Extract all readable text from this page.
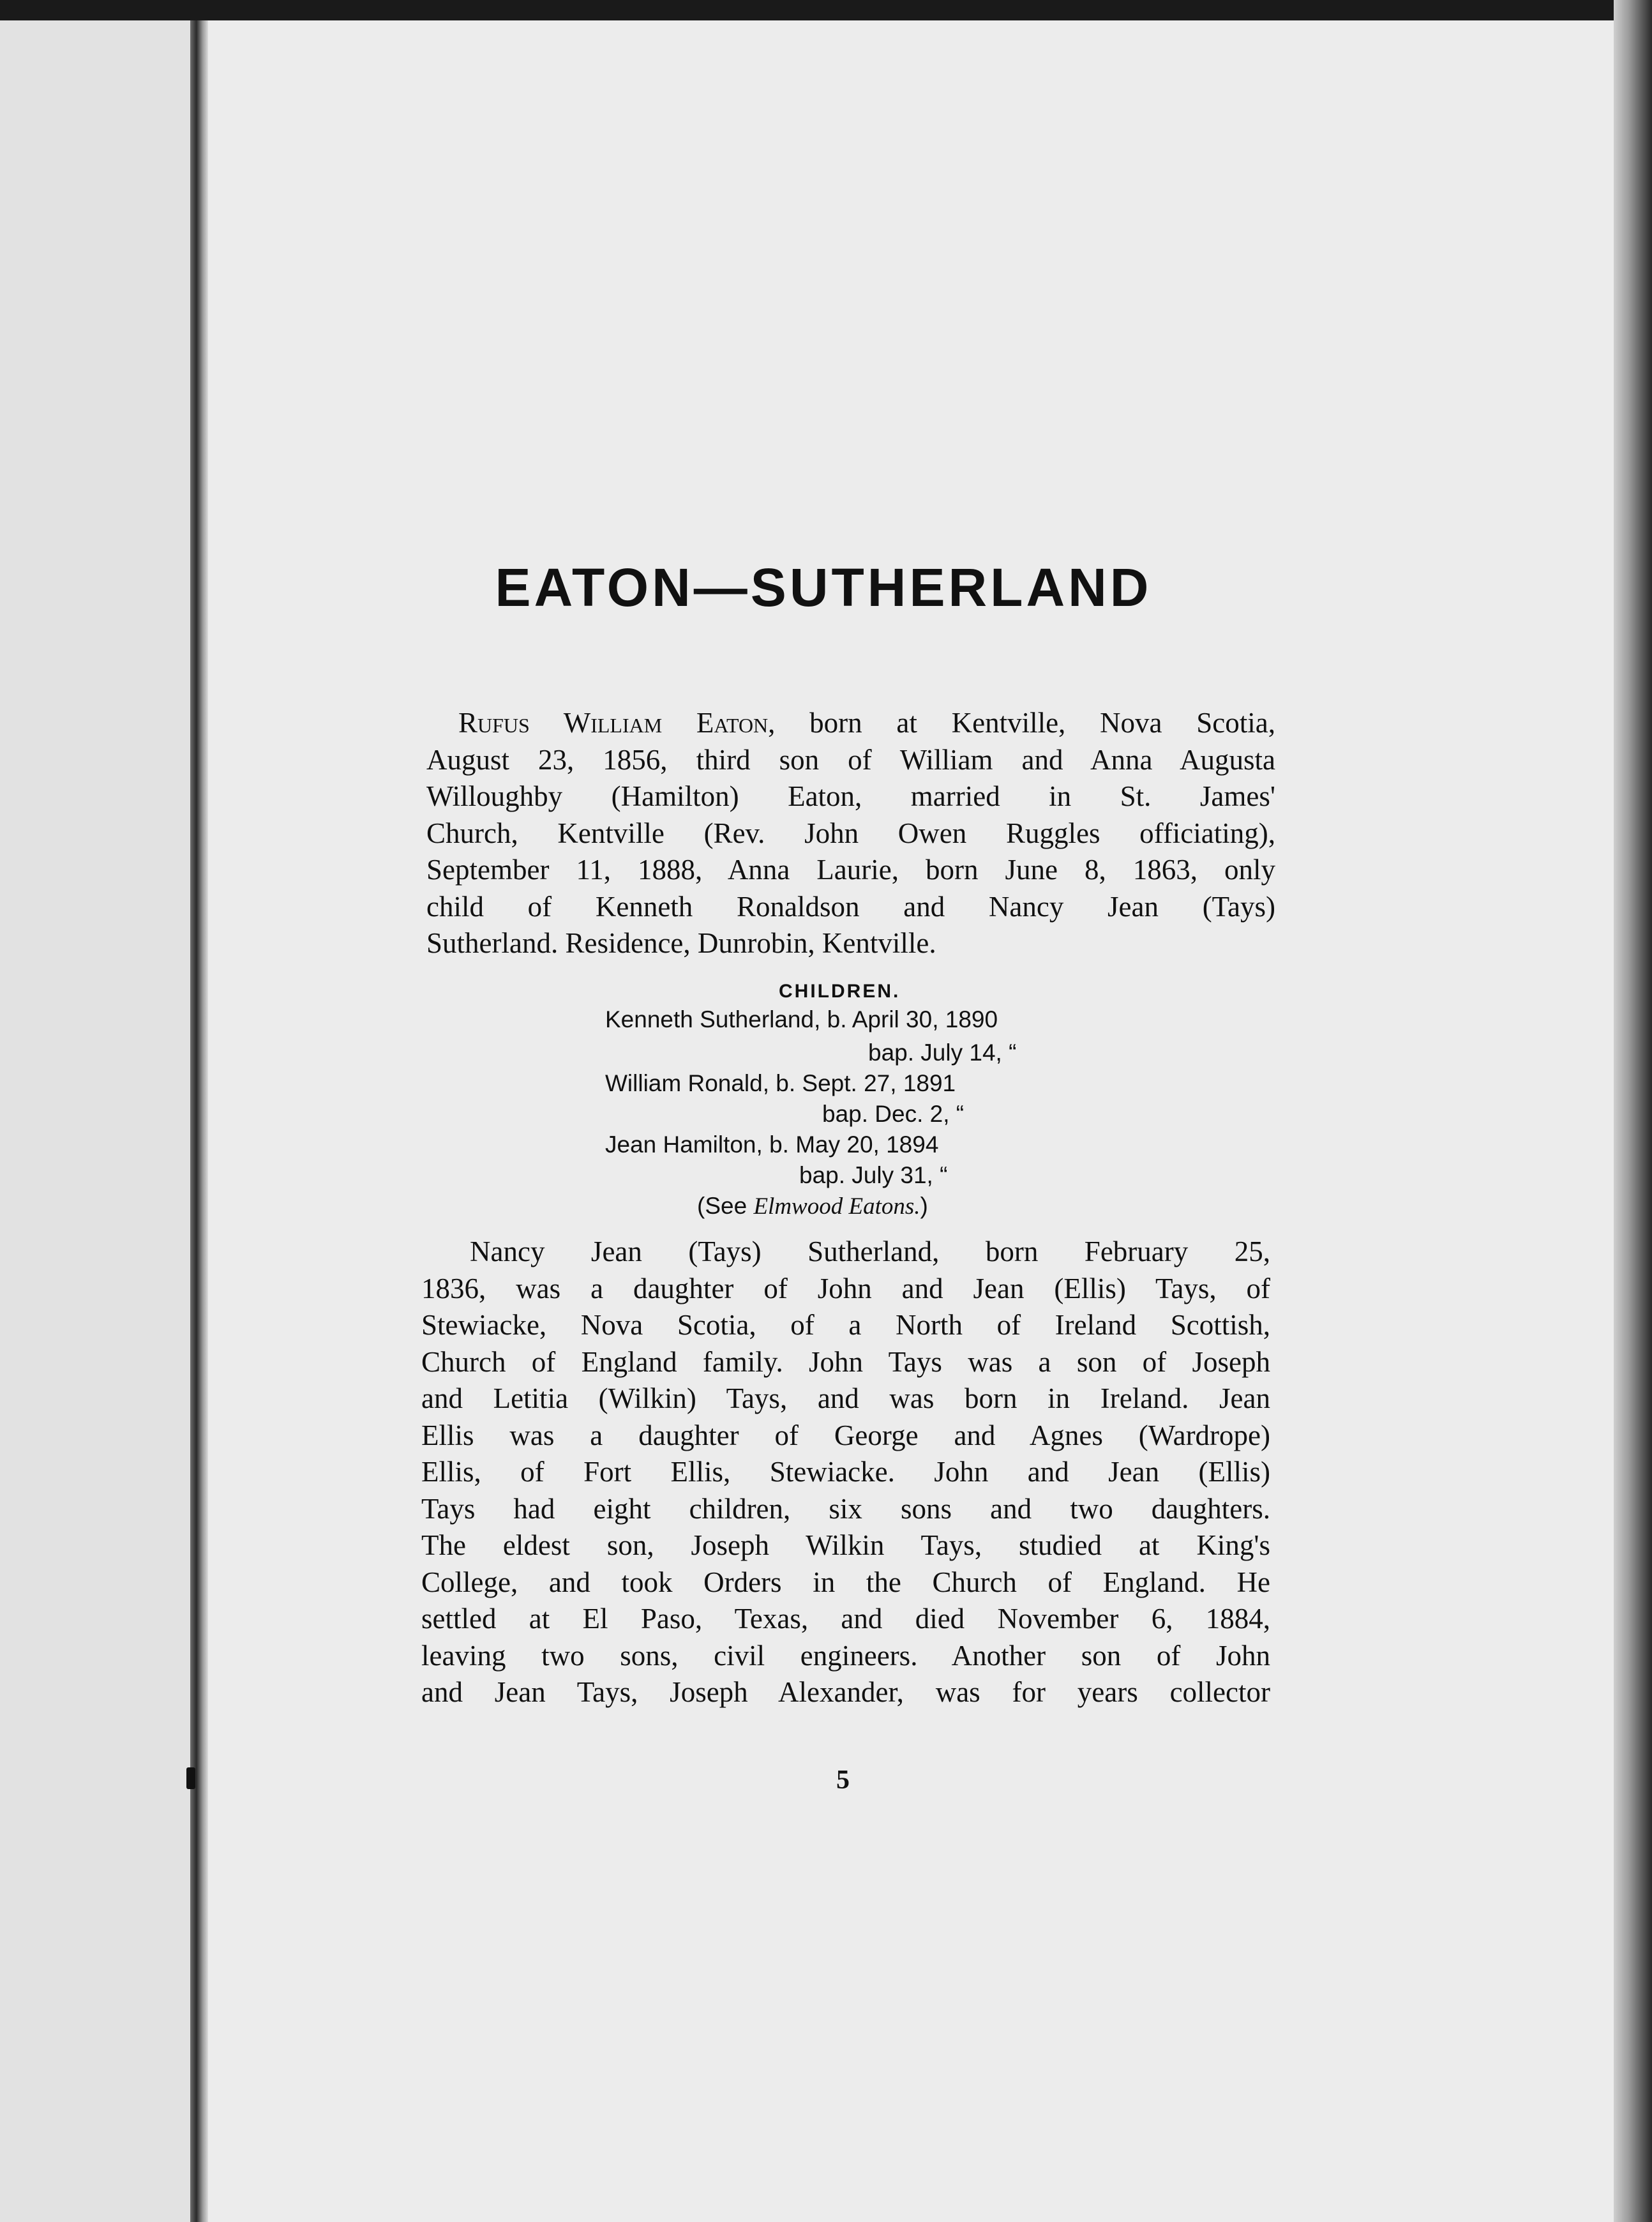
EATON—SUTHERLAND
Rufus William Eaton, born at Kentville, Nova Scotia,
August 23, 1856, third son of William and Anna Augusta
Willoughby (Hamilton) Eaton, married in St. James'
Church, Kentville (Rev. John Owen Ruggles officiating),
September 11, 1888, Anna Laurie, born June 8, 1863, only
child of Kenneth Ronaldson and Nancy Jean (Tays)
Sutherland. Residence, Dunrobin, Kentville.

CHILDREN.

Kenneth Sutherland, b. April 30, 1890

bap. July 14, “

William Ronald, b. Sept. 27, 1891

bap. Dec. 2, “

Jean Hamilton, b. May 20, 1894

bap. July 31, “

(See Elmwood Eatons.)

Nancy Jean (Tays) Sutherland, born February 25,
1836, was a daughter of John and Jean (Ellis) Tays, of
Stewiacke, Nova Scotia, of a North of Ireland Scottish,
Church of England family. John Tays was a son of Joseph
and Letitia (Wilkin) Tays, and was born in Ireland. Jean
Ellis was a daughter of George and Agnes (Wardrope)
Ellis, of Fort Ellis, Stewiacke. John and Jean (Ellis)
Tays had eight children, six sons and two daughters.
The eldest son, Joseph Wilkin Tays, studied at King's
College, and took Orders in the Church of England. He
settled at El Paso, Texas, and died November 6, 1884,
leaving two sons, civil engineers. Another son of John
and Jean Tays, Joseph Alexander, was for years collector

5
